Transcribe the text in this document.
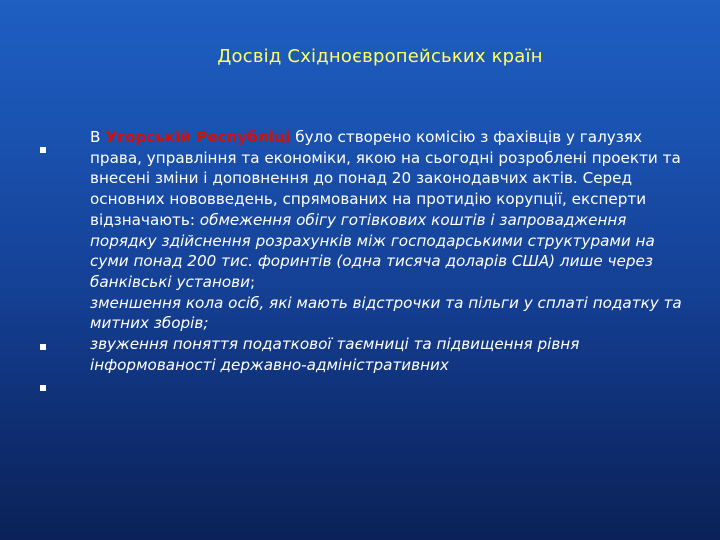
Досвід Східноєвропейських країн

В Угорській Республіці було створено комісію з фахівців у галузях права, управління та економіки, якою на сьогодні розроблені проекти та внесені зміни і доповнення до понад 20 законодавчих актів. Серед основних нововведень, спрямованих на протидію корупції, експерти відзначають: обмеження обігу готівкових коштів і запровадження порядку здійснення розрахунків між господарськими структурами на суми понад 200 тис. форинтів (одна тисяча доларів США) лише через банківські установи;

зменшення кола осіб, які мають відстрочки та пільги у сплаті податку та митних зборів;

звуження поняття податкової таємниці та підвищення рівня інформованості державно-адміністративних
